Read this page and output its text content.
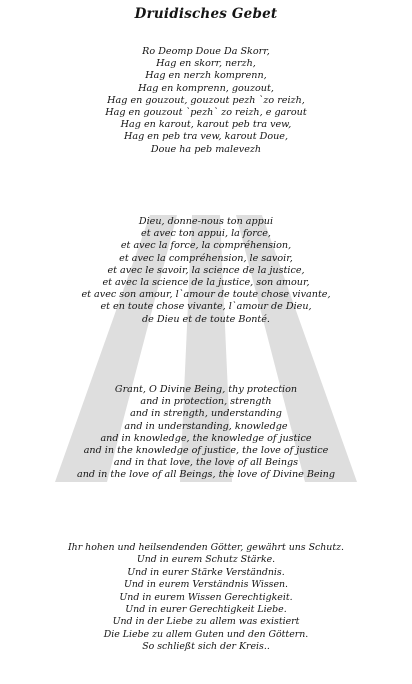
Druidisches Gebet
Ro Deomp Doue Da Skorr,
Hag en skorr, nerzh,
Hag en nerzh komprenn,
Hag en komprenn, gouzout,
Hag en gouzout, gouzout pezh `zo reizh,
Hag en gouzout `pezh` zo reizh, e garout
Hag en karout, karout peb tra vew,
Hag en peb tra vew, karout Doue,
Doue ha peb malevezh
Dieu, donne-nous ton appui
et avec ton appui, la force,
et avec la force, la compréhension,
et avec la compréhension, le savoir,
et avec le savoir, la science de la justice,
et avec la science de la justice, son amour,
et avec son amour, l`amour de toute chose vivante,
et en toute chose vivante, l`amour de Dieu,
de Dieu et de toute Bonté.
Grant, O Divine Being, thy protection
and in protection, strength
and in strength, understanding
and in understanding, knowledge
and in knowledge, the knowledge of justice
and in the knowledge of justice, the love of justice
and in that love, the love of all Beings
and in the love of all Beings, the love of Divine Being
Ihr hohen und heilsendenden Götter, gewährt uns Schutz.
Und in eurem Schutz Stärke.
Und in eurer Stärke Verständnis.
Und in eurem Verständnis Wissen.
Und in eurem Wissen Gerechtigkeit.
Und in eurer Gerechtigkeit Liebe.
Und in der Liebe zu allem was existiert
Die Liebe zu allem Guten und den Göttern.
So schließt sich der Kreis..
